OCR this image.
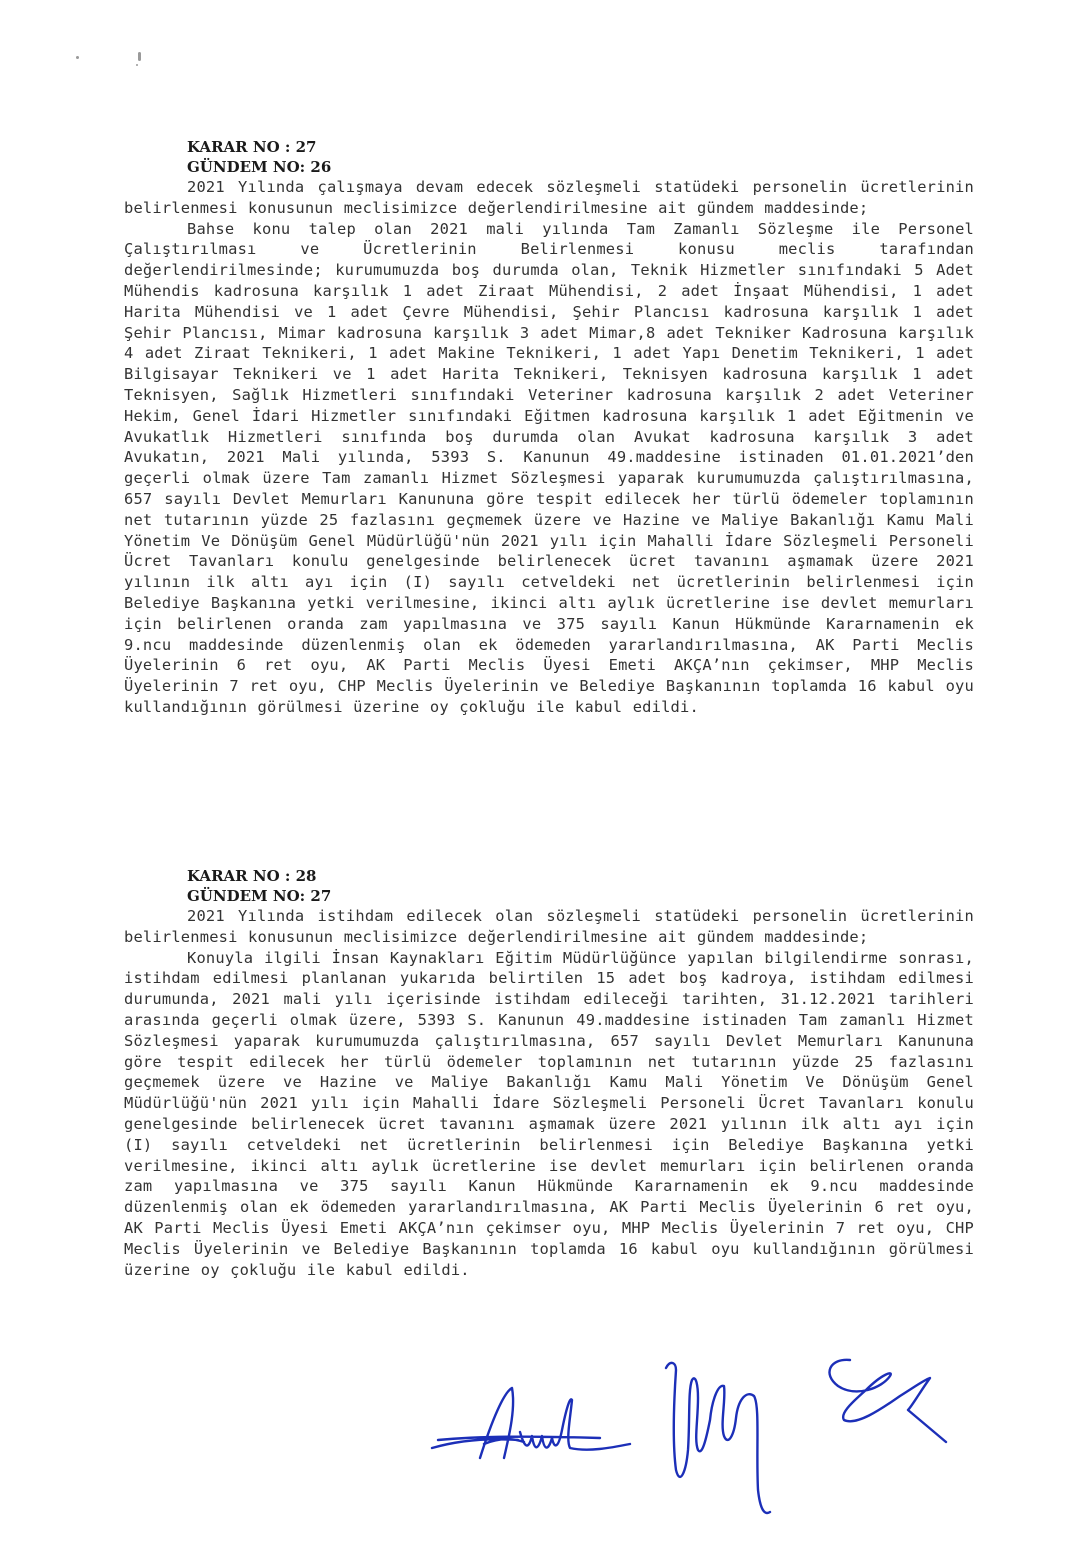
KARAR NO : 27
GÜNDEM NO: 26

2021 Yılında çalışmaya devam edecek sözleşmeli statüdeki personelin ücretlerinin belirlenmesi konusunun meclisimizce değerlendirilmesine ait gündem maddesinde;

Bahse konu talep olan 2021 mali yılında Tam Zamanlı Sözleşme ile Personel Çalıştırılması ve Ücretlerinin Belirlenmesi konusu meclis tarafından değerlendirilmesinde; kurumumuzda boş durumda olan, Teknik Hizmetler sınıfındaki 5 Adet Mühendis kadrosuna karşılık 1 adet Ziraat Mühendisi, 2 adet İnşaat Mühendisi, 1 adet Harita Mühendisi ve 1 adet Çevre Mühendisi, Şehir Plancısı kadrosuna karşılık 1 adet Şehir Plancısı, Mimar kadrosuna karşılık 3 adet Mimar,8 adet Tekniker Kadrosuna karşılık 4 adet Ziraat Teknikeri, 1 adet Makine Teknikeri, 1 adet Yapı Denetim Teknikeri, 1 adet Bilgisayar Teknikeri ve 1 adet Harita Teknikeri, Teknisyen kadrosuna karşılık 1 adet Teknisyen, Sağlık Hizmetleri sınıfındaki Veteriner kadrosuna karşılık 2 adet Veteriner Hekim, Genel İdari Hizmetler sınıfındaki Eğitmen kadrosuna karşılık 1 adet Eğitmenin ve Avukatlık Hizmetleri sınıfında boş durumda olan Avukat kadrosuna karşılık 3 adet Avukatın, 2021 Mali yılında, 5393 S. Kanunun 49.maddesine istinaden 01.01.2021’den geçerli olmak üzere Tam zamanlı Hizmet Sözleşmesi yaparak kurumumuzda çalıştırılmasına, 657 sayılı Devlet Memurları Kanununa göre tespit edilecek her türlü ödemeler toplamının net tutarının yüzde 25 fazlasını geçmemek üzere ve Hazine ve Maliye Bakanlığı Kamu Mali Yönetim Ve Dönüşüm Genel Müdürlüğü'nün 2021 yılı için Mahalli İdare Sözleşmeli Personeli Ücret Tavanları konulu genelgesinde belirlenecek ücret tavanını aşmamak üzere 2021 yılının ilk altı ayı için (I) sayılı cetveldeki net ücretlerinin belirlenmesi için Belediye Başkanına yetki verilmesine, ikinci altı aylık ücretlerine ise devlet memurları için belirlenen oranda zam yapılmasına ve 375 sayılı Kanun Hükmünde Kararnamenin ek 9.ncu maddesinde düzenlenmiş olan ek ödemeden yararlandırılmasına, AK Parti Meclis Üyelerinin 6 ret oyu, AK Parti Meclis Üyesi Emeti AKÇA’nın çekimser, MHP Meclis Üyelerinin 7 ret oyu, CHP Meclis Üyelerinin ve Belediye Başkanının toplamda 16 kabul oyu kullandığının görülmesi üzerine oy çokluğu ile kabul edildi.

KARAR NO : 28
GÜNDEM NO: 27

2021 Yılında istihdam edilecek olan sözleşmeli statüdeki personelin ücretlerinin belirlenmesi konusunun meclisimizce değerlendirilmesine ait gündem maddesinde;

Konuyla ilgili İnsan Kaynakları Eğitim Müdürlüğünce yapılan bilgilendirme sonrası, istihdam edilmesi planlanan yukarıda belirtilen 15 adet boş kadroya, istihdam edilmesi durumunda, 2021 mali yılı içerisinde istihdam edileceği tarihten, 31.12.2021 tarihleri arasında geçerli olmak üzere, 5393 S. Kanunun 49.maddesine istinaden Tam zamanlı Hizmet Sözleşmesi yaparak kurumumuzda çalıştırılmasına, 657 sayılı Devlet Memurları Kanununa göre tespit edilecek her türlü ödemeler toplamının net tutarının yüzde 25 fazlasını geçmemek üzere ve Hazine ve Maliye Bakanlığı Kamu Mali Yönetim Ve Dönüşüm Genel Müdürlüğü'nün 2021 yılı için Mahalli İdare Sözleşmeli Personeli Ücret Tavanları konulu genelgesinde belirlenecek ücret tavanını aşmamak üzere 2021 yılının ilk altı ayı için (I) sayılı cetveldeki net ücretlerinin belirlenmesi için Belediye Başkanına yetki verilmesine, ikinci altı aylık ücretlerine ise devlet memurları için belirlenen oranda zam yapılmasına ve 375 sayılı Kanun Hükmünde Kararnamenin ek 9.ncu maddesinde düzenlenmiş olan ek ödemeden yararlandırılmasına, AK Parti Meclis Üyelerinin 6 ret oyu, AK Parti Meclis Üyesi Emeti AKÇA’nın çekimser oyu, MHP Meclis Üyelerinin 7 ret oyu, CHP Meclis Üyelerinin ve Belediye Başkanının toplamda 16 kabul oyu kullandığının görülmesi üzerine oy çokluğu ile kabul edildi.
